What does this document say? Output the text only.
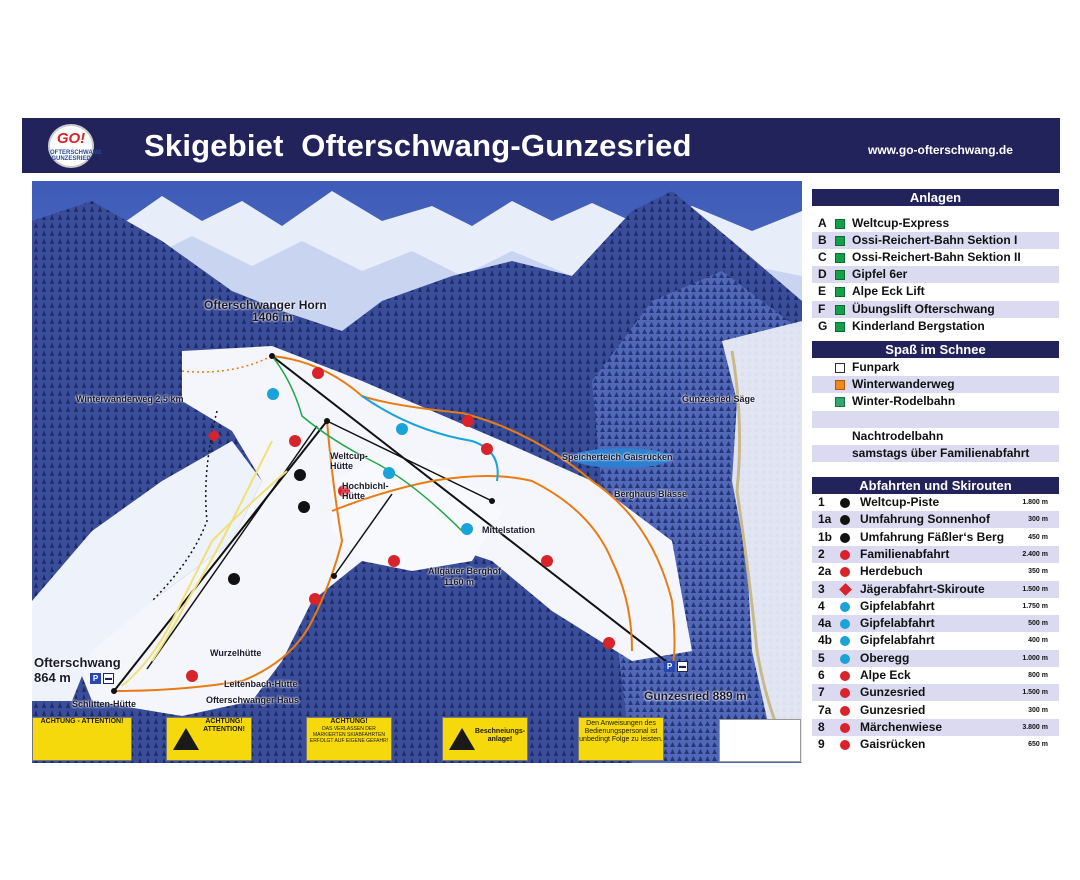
GO!
OFTERSCHWANG GUNZESRIED Skigebiet  Ofterschwang-Gunzesried	www.go-ofterschwang.de
Ofterschwanger Horn
1406 m
Winterwanderweg 2,5 km	Gunzesried Säge
Weltcup-
Hütte
Hochbichl-
Hütte
Speicherteich Gaisrücken
Berghaus Blässe
Mittelstation
Allgäuer Berghof
1160 m
Ofterschwang
864 m
Wurzelhütte
Leitenbach-Hütte
Ofterschwanger Haus
Schlitten-Hütte
Gunzesried 889 m
P ▬
P ▬
ACHTUNG - ATTENTION!	ACHTUNG!
ATTENTION!
ACHTUNG!
DAS VERLASSEN DER MARKIERTEN SKIABFAHRTEN ERFOLGT AUF EIGENE GEFAHR!
Beschneiungs-
anlage!
Den Anweisungen des Bedienungspersonal ist unbedingt Folge zu leisten.
Anlagen
A Weltcup-Express
B Ossi-Reichert-Bahn Sektion I
C Ossi-Reichert-Bahn Sektion II
D Gipfel 6er
E Alpe Eck Lift
F Übungslift Ofterschwang
G Kinderland Bergstation
Spaß im Schnee
Funpark
Winterwanderweg
Winter-Rodelbahn
Nachtrodelbahn
samstags über Familienabfahrt
Abfahrten und Skirouten
1	Weltcup-Piste	1.800 m
1a Umfahrung Sonnenhof	300 m
1b Umfahrung Fäßler‘s Berg	450 m
2	Familienabfahrt	2.400 m
2a Herdebuch	350 m
3	Jägerabfahrt-Skiroute	1.500 m
4	Gipfelabfahrt	1.750 m
4a Gipfelabfahrt	500 m
4b Gipfelabfahrt	400 m
5	Oberegg	1.000 m
6	Alpe Eck	800 m
7	Gunzesried	1.500 m
7a Gunzesried	300 m
8	Märchenwiese	3.800 m
9	Gaisrücken	650 m
